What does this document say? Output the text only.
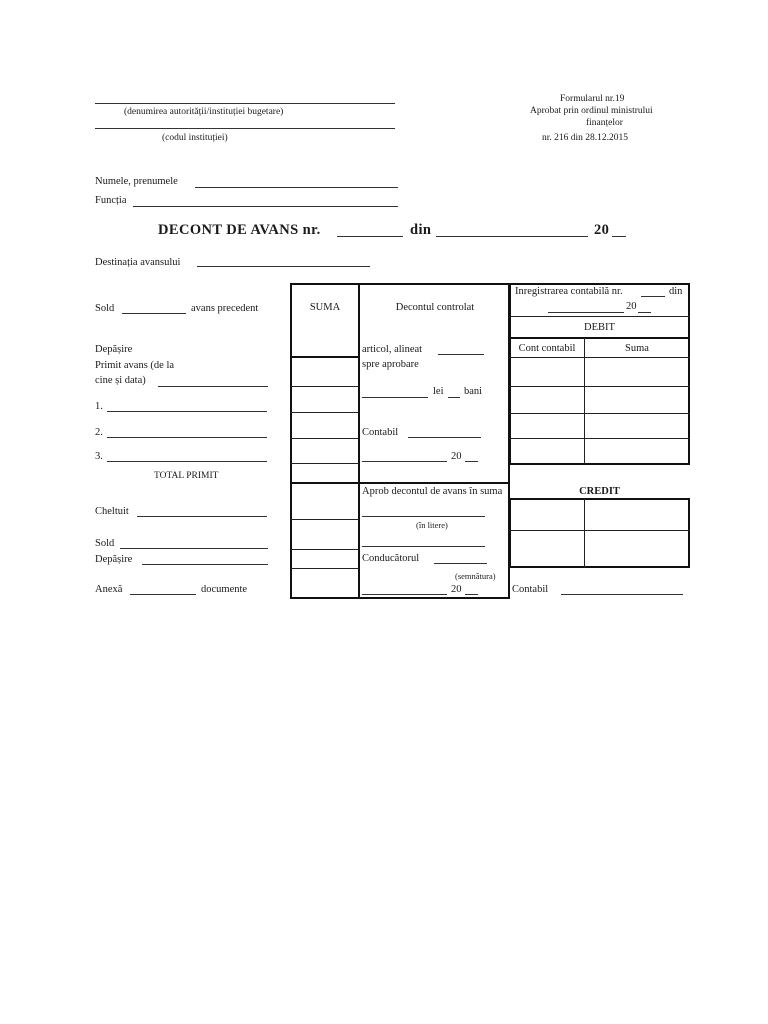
(denumirea autorității/instituției bugetare)
(codul instituției)
Formularul nr.19
Aprobat prin ordinul ministrului
finanțelor
nr. 216 din 28.12.2015
Numele, prenumele
Funcția
DECONT DE AVANS nr.	din	20
Destinația avansului
Sold	avans precedent
Depășire
Primit avans (de la
cine și data)
1.
2.
3.
TOTAL PRIMIT
Cheltuit
Sold
Depășire
Anexă	documente
SUMA	Decontul controlat
articol, alineat
spre aprobare
lei bani
Contabil
20
Aprob decontul de avans în suma
(în litere)
Conducătorul
(semnătura)
20
Inregistrarea contabilă nr.	din
20
DEBIT
Cont contabil	Suma
CREDIT
Contabil
